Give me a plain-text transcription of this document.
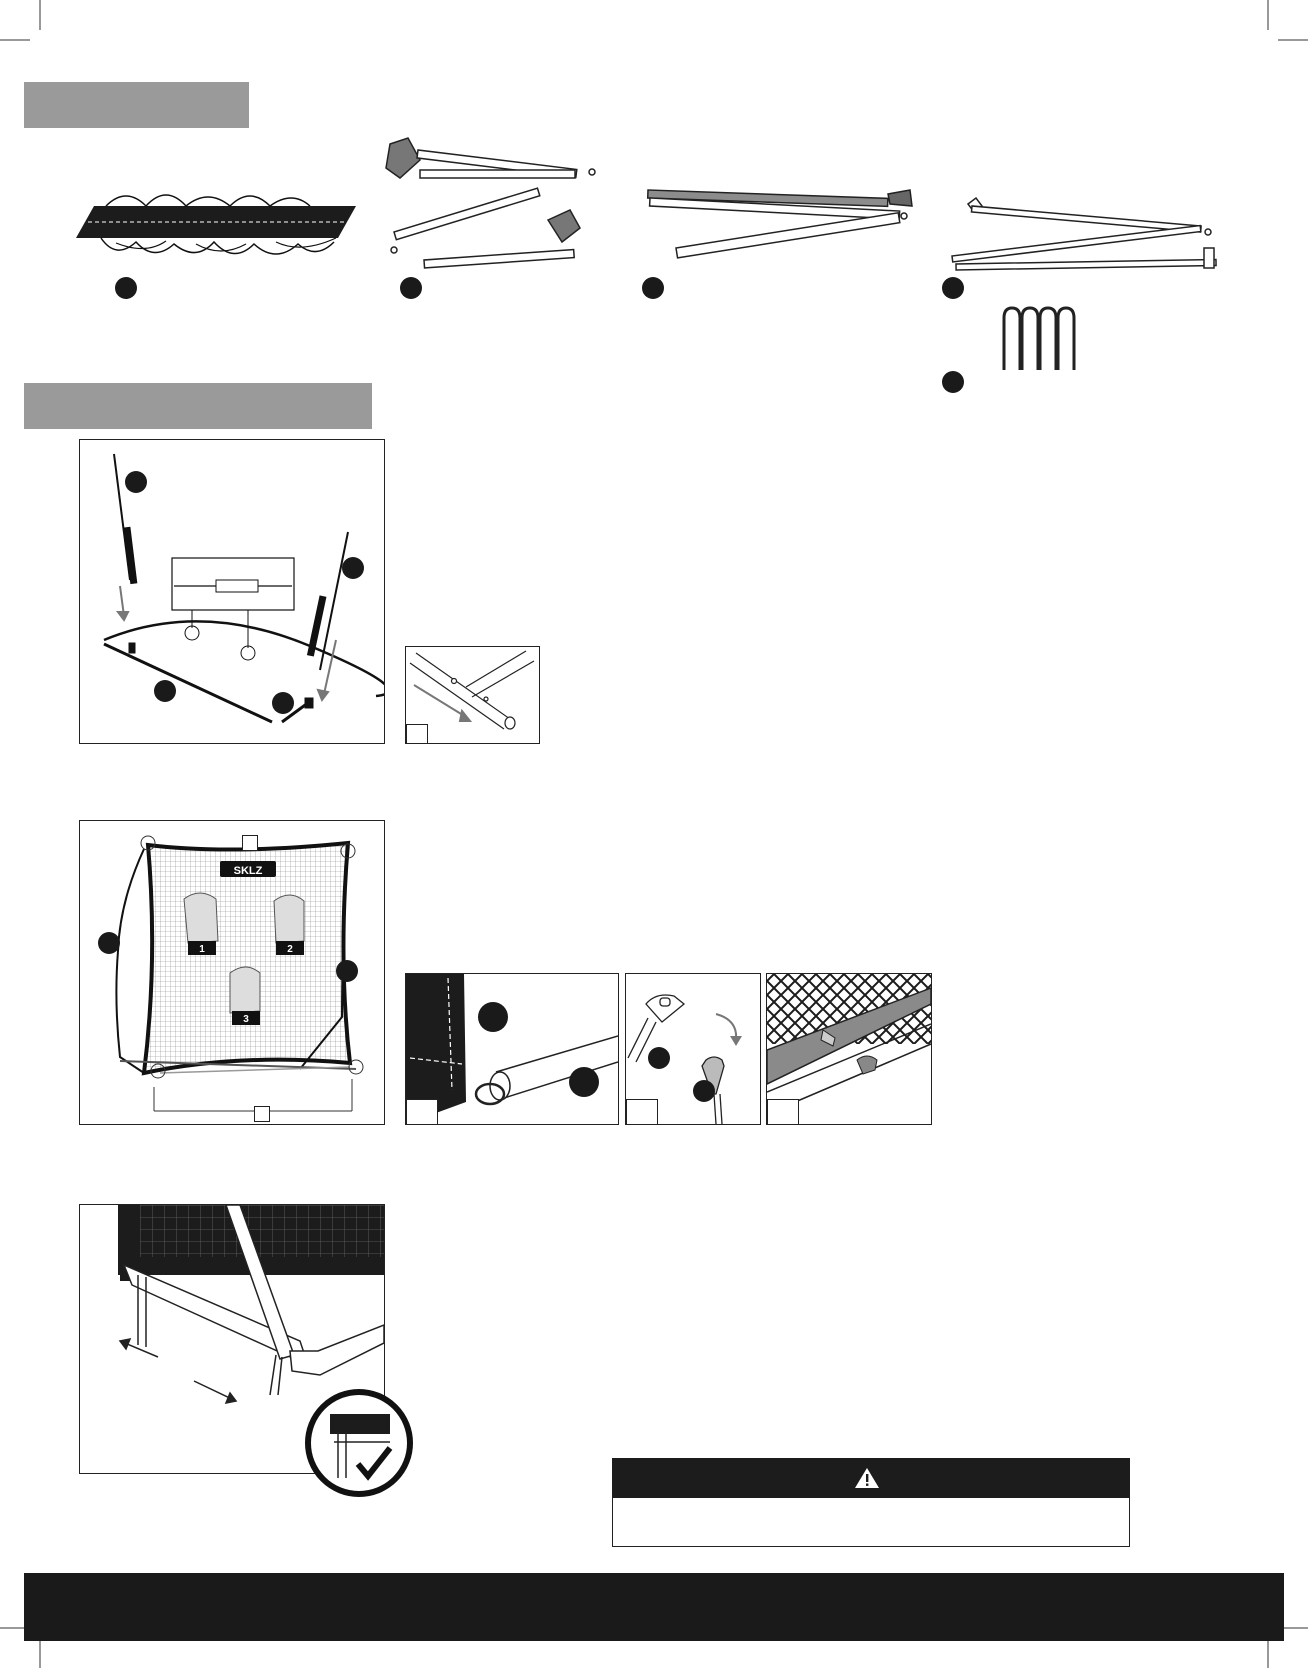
SKLZ
1	2
3
